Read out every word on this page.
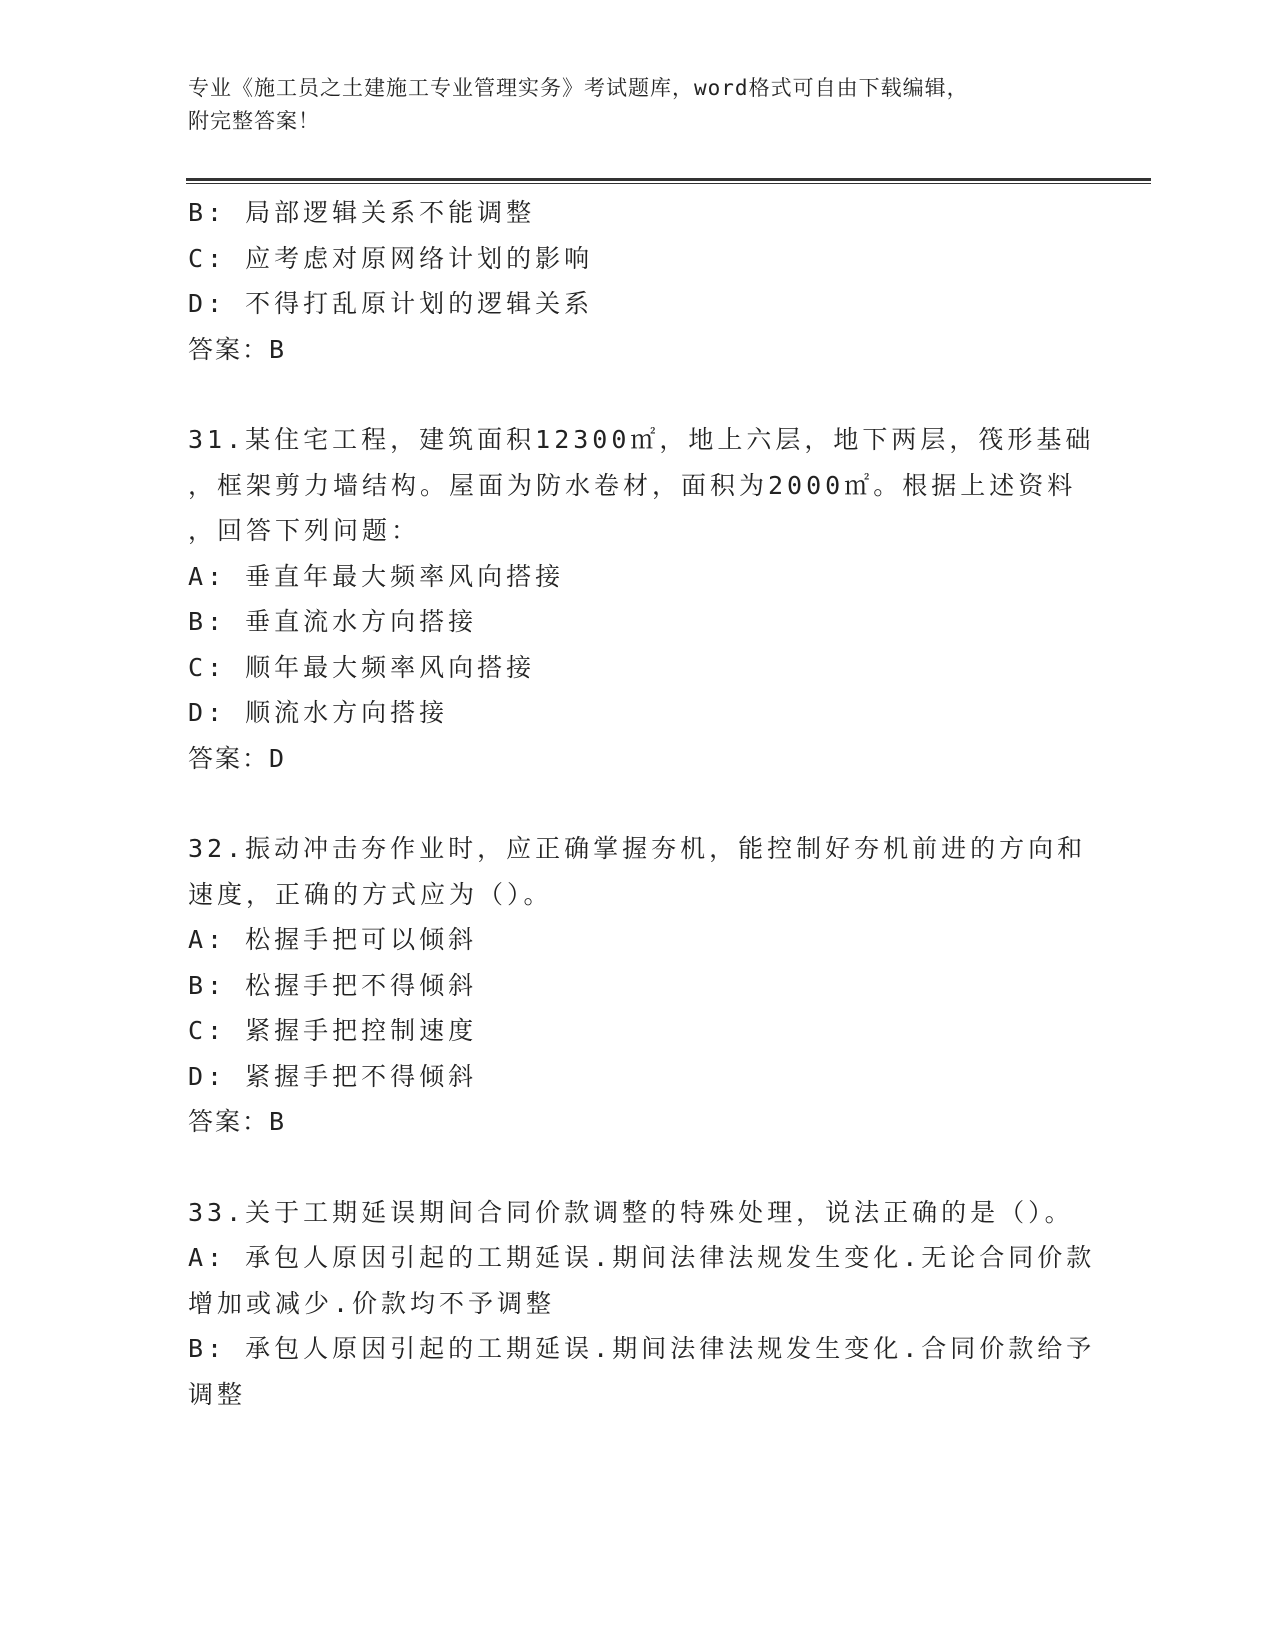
专业《施工员之土建施工专业管理实务》考试题库，word格式可自由下载编辑，
附完整答案！
B: 局部逻辑关系不能调整
C: 应考虑对原网络计划的影响
D: 不得打乱原计划的逻辑关系
答案：B
31.某住宅工程，建筑面积12300㎡，地上六层，地下两层，筏形基础
，框架剪力墙结构。屋面为防水卷材，面积为2000㎡。根据上述资料
，回答下列问题：
A: 垂直年最大频率风向搭接
B: 垂直流水方向搭接
C: 顺年最大频率风向搭接
D: 顺流水方向搭接
答案：D
32.振动冲击夯作业时，应正确掌握夯机，能控制好夯机前进的方向和
速度，正确的方式应为（）。
A: 松握手把可以倾斜
B: 松握手把不得倾斜
C: 紧握手把控制速度
D: 紧握手把不得倾斜
答案：B
33.关于工期延误期间合同价款调整的特殊处理，说法正确的是（）。
A: 承包人原因引起的工期延误.期间法律法规发生变化.无论合同价款
增加或减少.价款均不予调整
B: 承包人原因引起的工期延误.期间法律法规发生变化.合同价款给予
调整
